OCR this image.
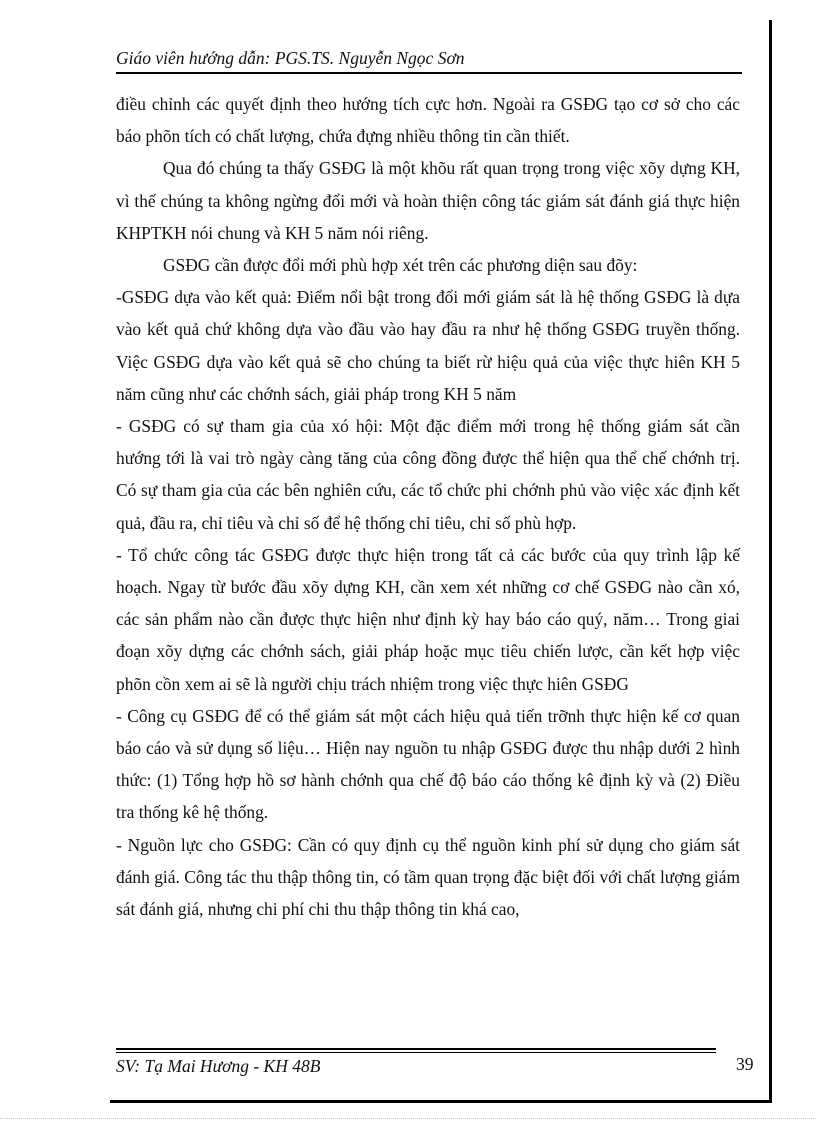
Giáo viên hướng dẫn: PGS.TS. Nguyễn Ngọc Sơn

điều chỉnh các quyết định theo hướng tích cực hơn. Ngoài ra GSĐG tạo cơ sở cho các báo phõn tích có chất lượng, chứa đựng nhiều thông tin cần thiết.

Qua đó chúng ta thấy GSĐG là một khõu rất quan trọng trong việc xõy dựng KH, vì thế chúng ta không ngừng đổi mới và hoàn thiện công tác giám sát đánh giá thực hiện KHPTKH nói chung và KH 5 năm nói riêng.

GSĐG cần được đổi mới phù hợp xét trên các phương diện sau đõy:

-GSĐG dựa vào kết quả: Điểm nổi bật trong đổi mới giám sát là hệ thống GSĐG là dựa vào kết quả chứ không dựa vào đầu vào hay đầu ra như hệ thống GSĐG truyền thống. Việc GSĐG dựa vào kết quả sẽ cho chúng ta biết rừ hiệu quả của việc thực hiên KH 5 năm cũng như các chớnh sách, giải pháp trong KH 5 năm

- GSĐG có sự tham gia của xó hội: Một đặc điểm mới trong hệ thống giám sát cần hướng tới là vai trò ngày càng tăng của công đồng được thể hiện qua thể chế chớnh trị. Có sự tham gia của các bên nghiên cứu, các tổ chức phi chớnh phủ vào việc xác định kết quả, đầu ra, chỉ tiêu và chỉ số để hệ thống chỉ tiêu, chỉ số phù hợp.

- Tổ chức công tác GSĐG được thực hiện trong tất cả các bước của quy trình lập kế hoạch. Ngay từ bước đầu xõy dựng KH, cần xem xét những cơ chế GSĐG nào cần xó, các sản phẩm nào cần được thực hiện như định kỳ hay báo cáo quý, năm… Trong giai đoạn xõy dựng các chớnh sách, giải pháp hoặc mục tiêu chiến lược, cần kết hợp việc phõn cồn xem ai sẽ là người chịu trách nhiệm trong việc thực hiên GSĐG

- Công cụ GSĐG để có thể giám sát một cách hiệu quả tiến trỡnh thực hiện kế cơ quan báo cáo và sử dụng số liệu… Hiện nay nguồn tu nhập GSĐG được thu nhập dưới 2 hình thức: (1) Tổng hợp hồ sơ hành chớnh qua chế độ báo cáo thống kê định kỳ và (2) Điều tra thống kê hệ thống.

- Nguồn lực cho GSĐG: Cần có quy định cụ thể nguồn kinh phí sử dụng cho giám sát đánh giá. Công tác thu thập thông tin, có tầm quan trọng đặc biệt đối với chất lượng giám sát đánh giá, nhưng chi phí chi thu thập thông tin khá cao,

SV: Tạ Mai Hương - KH 48B	39
